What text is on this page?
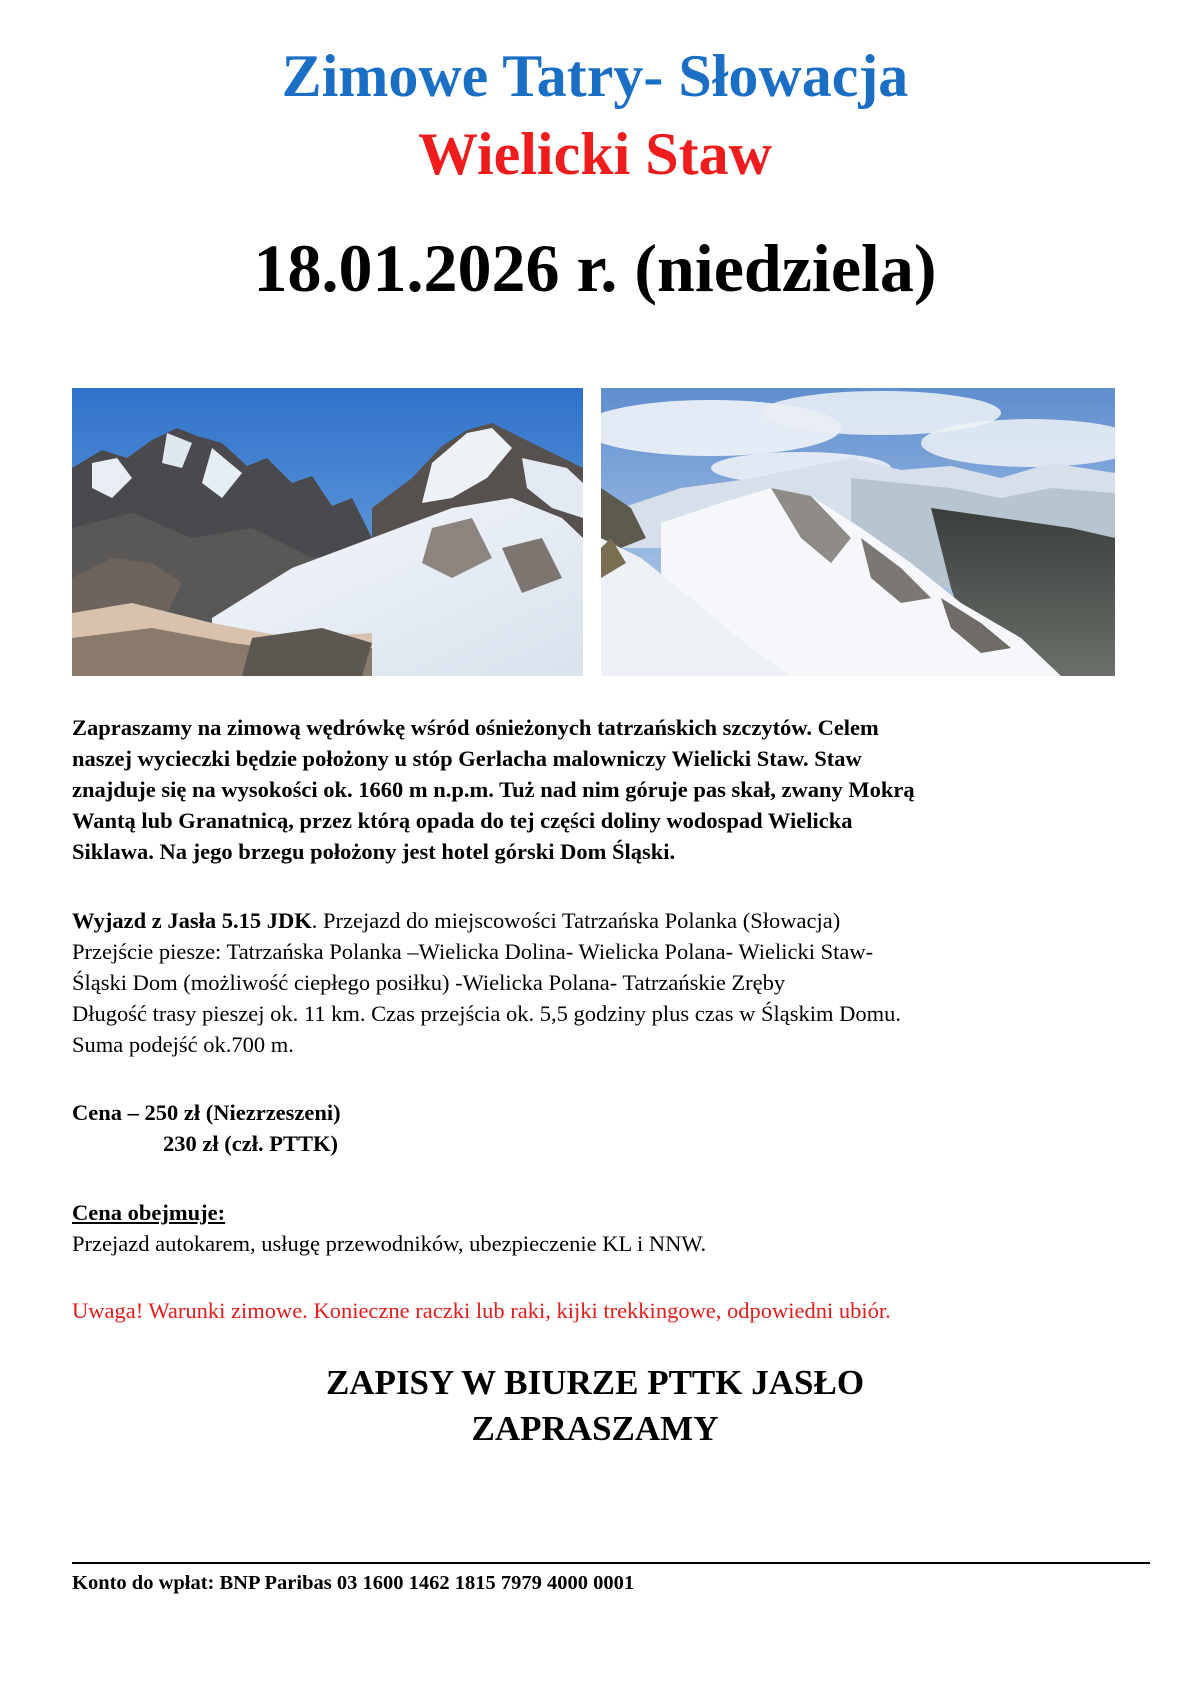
Zimowe Tatry- Słowacja
Wielicki Staw
18.01.2026 r. (niedziela)
Zapraszamy na zimową wędrówkę wśród ośnieżonych tatrzańskich szczytów. Celem
naszej wycieczki będzie położony u stóp Gerlacha malowniczy Wielicki Staw. Staw
znajduje się na wysokości ok. 1660 m n.p.m. Tuż nad nim góruje pas skał, zwany Mokrą
Wantą lub Granatnicą, przez którą opada do tej części doliny wodospad Wielicka
Siklawa. Na jego brzegu położony jest hotel górski Dom Śląski.
Wyjazd z Jasła 5.15 JDK. Przejazd do miejscowości Tatrzańska Polanka (Słowacja)
Przejście piesze: Tatrzańska Polanka –Wielicka Dolina- Wielicka Polana- Wielicki Staw-
Śląski Dom (możliwość ciepłego posiłku) -Wielicka Polana- Tatrzańskie Zręby
Długość trasy pieszej ok. 11 km. Czas przejścia ok. 5,5 godziny plus czas w Śląskim Domu.
Suma podejść ok.700 m.
Cena – 250 zł (Niezrzeszeni)
230 zł (czł. PTTK)
Cena obejmuje:
Przejazd autokarem, usługę przewodników, ubezpieczenie KL i NNW.
Uwaga! Warunki zimowe. Konieczne raczki lub raki, kijki trekkingowe, odpowiedni ubiór.
ZAPISY W BIURZE PTTK JASŁO
ZAPRASZAMY
Konto do wpłat: BNP Paribas 03 1600 1462 1815 7979 4000 0001
